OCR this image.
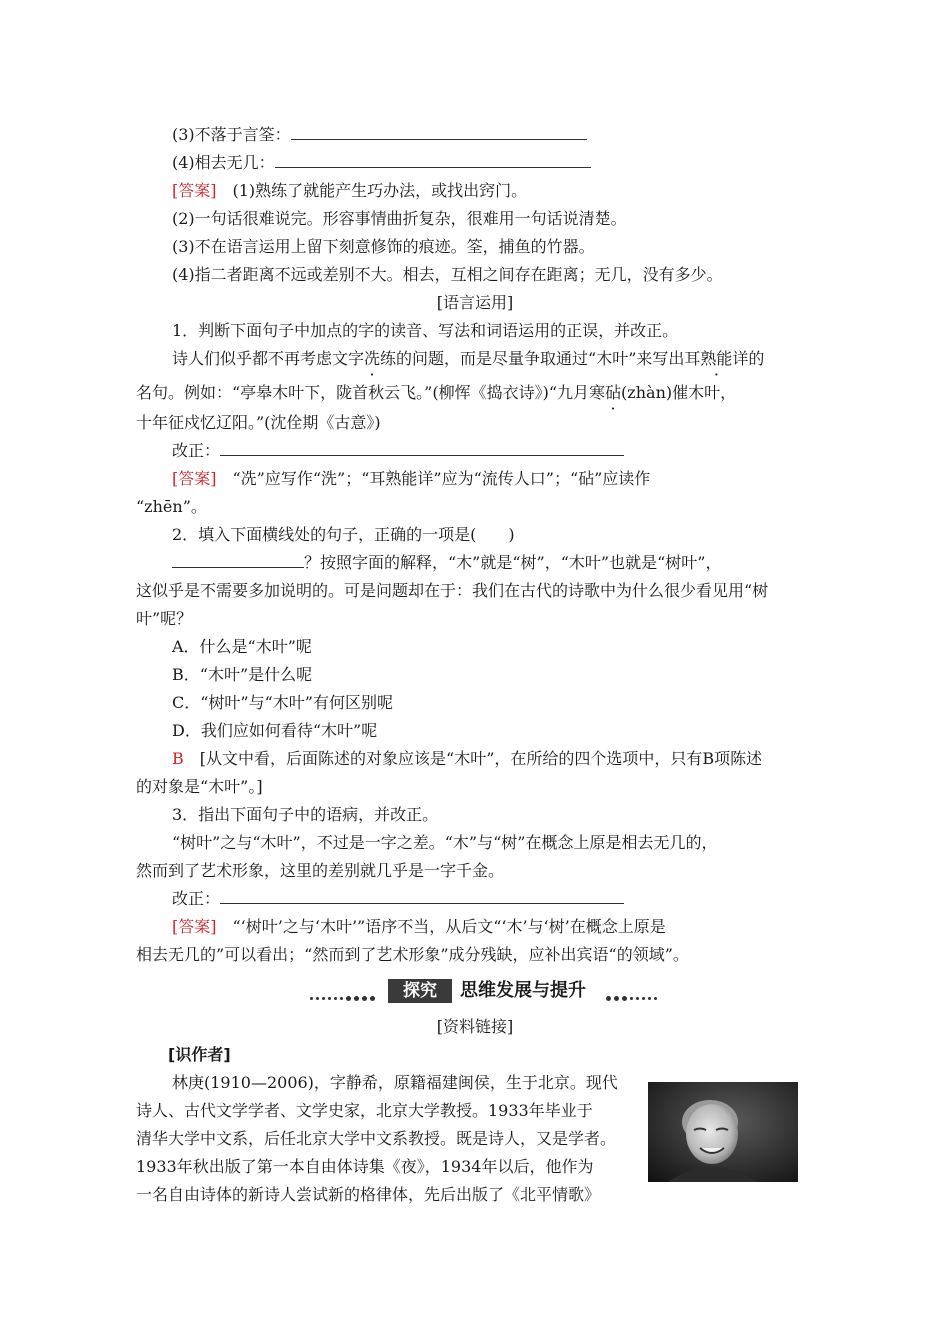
(3)不落于言筌：
(4)相去无几：
[答案]　(1)熟练了就能产生巧办法，或找出窍门。
(2)一句话很难说完。形容事情曲折复杂，很难用一句话说清楚。
(3)不在语言运用上留下刻意修饰的痕迹。筌，捕鱼的竹器。
(4)指二者距离不远或差别不大。相去，互相之间存在距离；无几，没有多少。
[语言运用]
1．判断下面句子中加点的字的读音、写法和词语运用的正误，并改正。
诗人们似乎都不再考虑文字冼练的问题，而是尽量争取通过“木叶”来写出耳熟能详的
名句。例如：“亭皋木叶下，陇首秋云飞。”(柳恽《捣衣诗》)“九月寒砧(zhàn)催木叶，
十年征戍忆辽阳。”(沈佺期《古意》)
改正：
[答案]　“冼”应写作“洗”；“耳熟能详”应为“流传人口”；“砧”应读作
“zhēn”。
2．填入下面横线处的句子，正确的一项是(　　)
？按照字面的解释，“木”就是“树”，“木叶”也就是“树叶”，
这似乎是不需要多加说明的。可是问题却在于：我们在古代的诗歌中为什么很少看见用“树
叶”呢？
A．什么是“木叶”呢
B．“木叶”是什么呢
C．“树叶”与“木叶”有何区别呢
D．我们应如何看待“木叶”呢
B　[从文中看，后面陈述的对象应该是“木叶”，在所给的四个选项中，只有B项陈述
的对象是“木叶”。]
3．指出下面句子中的语病，并改正。
“树叶”之与“木叶”，不过是一字之差。“木”与“树”在概念上原是相去无几的，
然而到了艺术形象，这里的差别就几乎是一字千金。
改正：
[答案]　“‘树叶’之与‘木叶’”语序不当，从后文“‘木’与‘树’在概念上原是
相去无几的”可以看出；“然而到了艺术形象”成分残缺，应补出宾语“的领域”。
探究	思维发展与提升
[资料链接]
[识作者]
林庚(1910—2006)，字静希，原籍福建闽侯，生于北京。现代
诗人、古代文学学者、文学史家，北京大学教授。1933年毕业于
清华大学中文系，后任北京大学中文系教授。既是诗人，又是学者。
1933年秋出版了第一本自由体诗集《夜》，1934年以后，他作为
一名自由诗体的新诗人尝试新的格律体，先后出版了《北平情歌》
